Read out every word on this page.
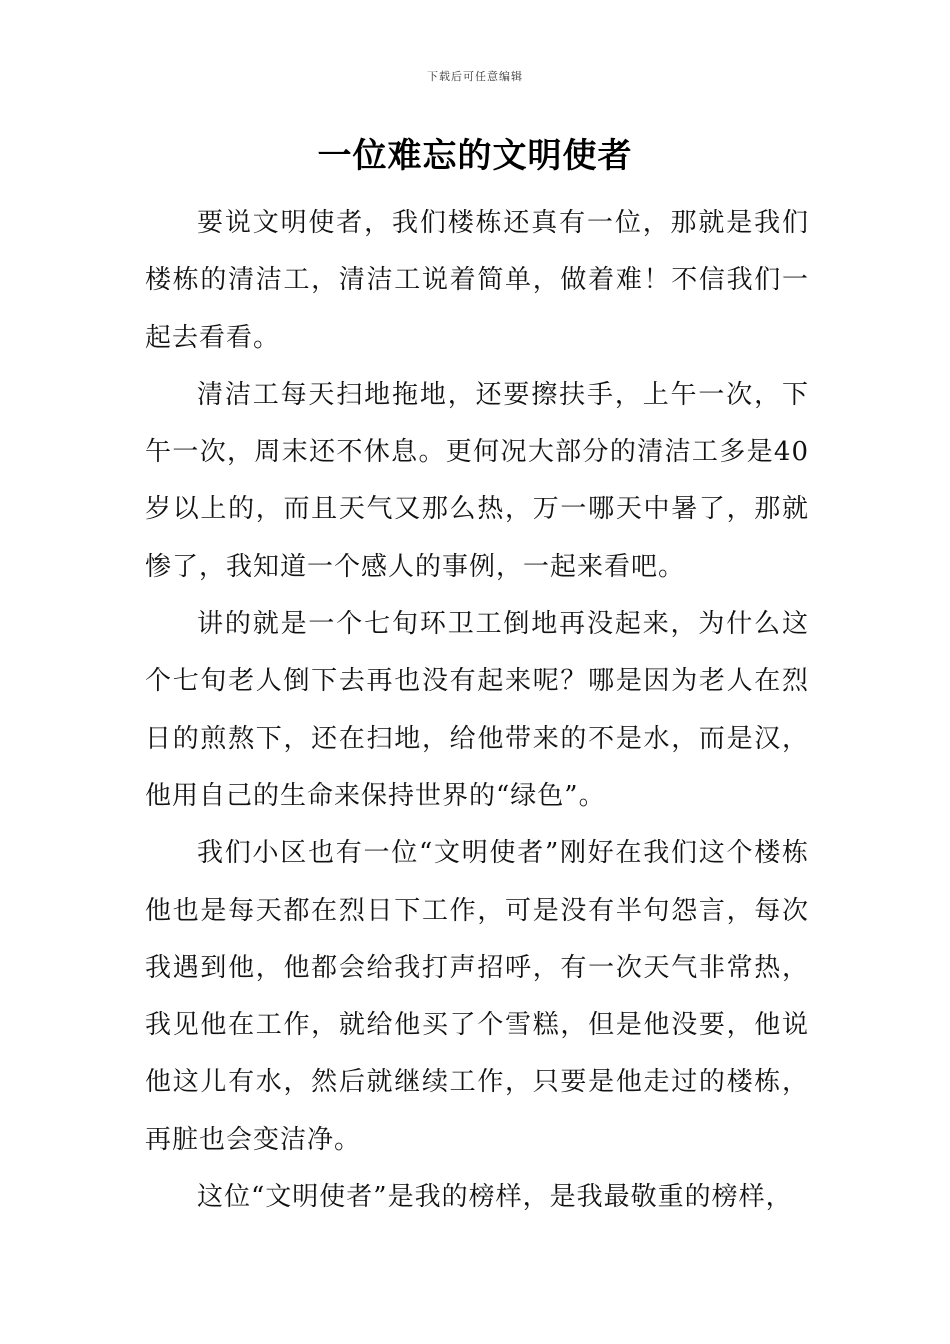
下载后可任意编辑
一位难忘的文明使者

要说文明使者，我们楼栋还真有一位，那就是我们楼栋的清洁工，清洁工说着简单，做着难！不信我们一起去看看。

清洁工每天扫地拖地，还要擦扶手，上午一次，下午一次，周末还不休息。更何况大部分的清洁工多是40岁以上的，而且天气又那么热，万一哪天中暑了，那就惨了，我知道一个感人的事例，一起来看吧。

讲的就是一个七旬环卫工倒地再没起来，为什么这个七旬老人倒下去再也没有起来呢？哪是因为老人在烈日的煎熬下，还在扫地，给他带来的不是水，而是汉，他用自己的生命来保持世界的“绿色”。

我们小区也有一位“文明使者”刚好在我们这个楼栋他也是每天都在烈日下工作，可是没有半句怨言，每次我遇到他，他都会给我打声招呼，有一次天气非常热，我见他在工作，就给他买了个雪糕，但是他没要，他说他这儿有水，然后就继续工作，只要是他走过的楼栋，再脏也会变洁净。

这位“文明使者”是我的榜样，是我最敬重的榜样，
